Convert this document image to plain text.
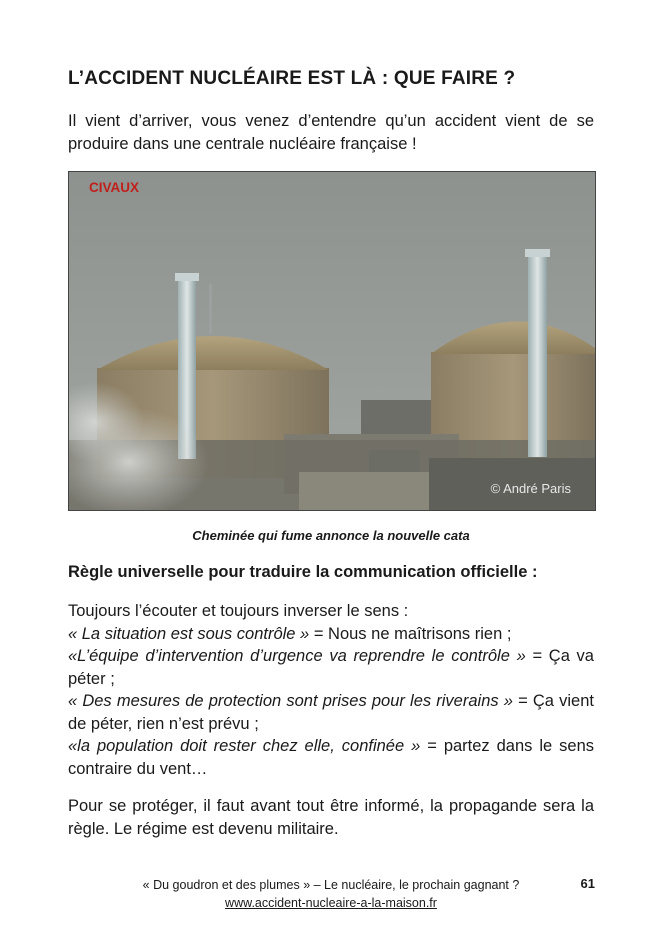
L’ACCIDENT NUCLÉAIRE EST LÀ : QUE FAIRE ?
Il vient d’arriver, vous venez d’entendre qu’un accident vient de se produire dans une centrale nucléaire française !
CIVAUX
© André Paris
Cheminée qui fume annonce la nouvelle cata
Règle universelle pour traduire la communication officielle :

Toujours l’écouter et toujours inverser le sens :

« La situation est sous contrôle » = Nous ne maîtrisons rien ;

«L’équipe d’intervention d’urgence va reprendre le contrôle » = Ça va péter ;

« Des mesures de protection sont prises pour les riverains » = Ça vient de péter, rien n’est prévu ;

«la population doit rester chez elle, confinée » = partez dans le sens contraire du vent…

Pour se protéger, il faut avant tout être informé, la propagande sera la règle. Le régime est devenu militaire.
« Du goudron et des plumes » – Le nucléaire, le prochain gagnant ?
www.accident-nucleaire-a-la-maison.fr
61
